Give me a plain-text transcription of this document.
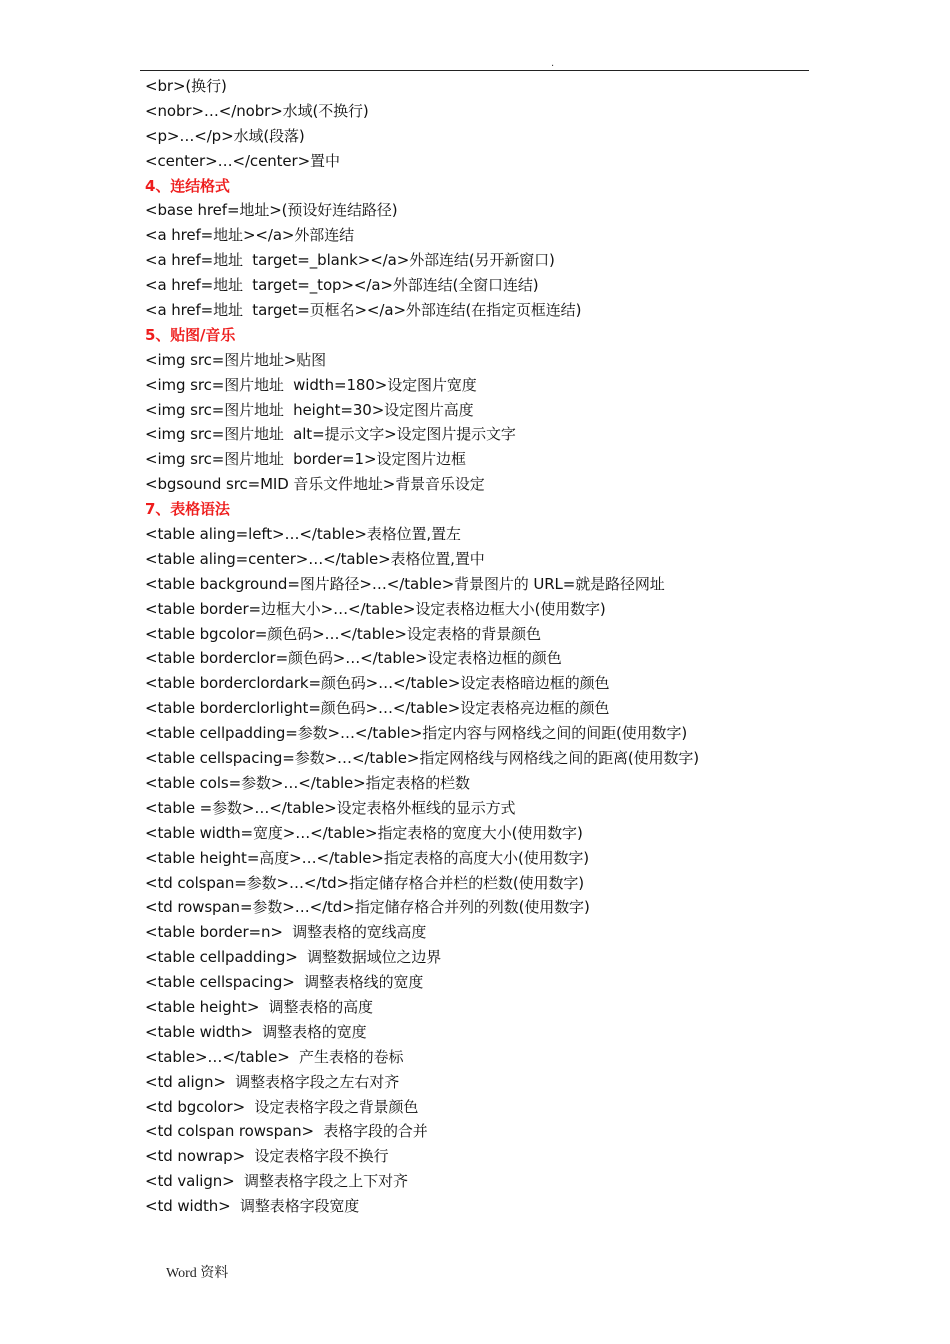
.
<br>(换行)
<nobr>…</nobr>水域(不换行)
<p>…</p>水域(段落)
<center>…</center>置中
4、连结格式
<base href=地址>(预设好连结路径)
<a href=地址></a>外部连结
<a href=地址  target=_blank></a>外部连结(另开新窗口)
<a href=地址  target=_top></a>外部连结(全窗口连结)
<a href=地址  target=页框名></a>外部连结(在指定页框连结)
5、贴图/音乐
<img src=图片地址>贴图
<img src=图片地址  width=180>设定图片宽度
<img src=图片地址  height=30>设定图片高度
<img src=图片地址  alt=提示文字>设定图片提示文字
<img src=图片地址  border=1>设定图片边框
<bgsound src=MID 音乐文件地址>背景音乐设定
7、表格语法
<table aling=left>…</table>表格位置,置左
<table aling=center>…</table>表格位置,置中
<table background=图片路径>…</table>背景图片的 URL=就是路径网址
<table border=边框大小>…</table>设定表格边框大小(使用数字)
<table bgcolor=颜色码>…</table>设定表格的背景颜色
<table borderclor=颜色码>…</table>设定表格边框的颜色
<table borderclordark=颜色码>…</table>设定表格暗边框的颜色
<table borderclorlight=颜色码>…</table>设定表格亮边框的颜色
<table cellpadding=参数>…</table>指定内容与网格线之间的间距(使用数字)
<table cellspacing=参数>…</table>指定网格线与网格线之间的距离(使用数字)
<table cols=参数>…</table>指定表格的栏数
<table =参数>…</table>设定表格外框线的显示方式
<table width=宽度>…</table>指定表格的宽度大小(使用数字)
<table height=高度>…</table>指定表格的高度大小(使用数字)
<td colspan=参数>…</td>指定储存格合并栏的栏数(使用数字)
<td rowspan=参数>…</td>指定储存格合并列的列数(使用数字)
<table border=n>  调整表格的宽线高度
<table cellpadding>  调整数据域位之边界
<table cellspacing>  调整表格线的宽度
<table height>  调整表格的高度
<table width>  调整表格的宽度
<table>…</table>  产生表格的卷标
<td align>  调整表格字段之左右对齐
<td bgcolor>  设定表格字段之背景颜色
<td colspan rowspan>  表格字段的合并
<td nowrap>  设定表格字段不换行
<td valign>  调整表格字段之上下对齐
<td width>  调整表格字段宽度
Word 资料
